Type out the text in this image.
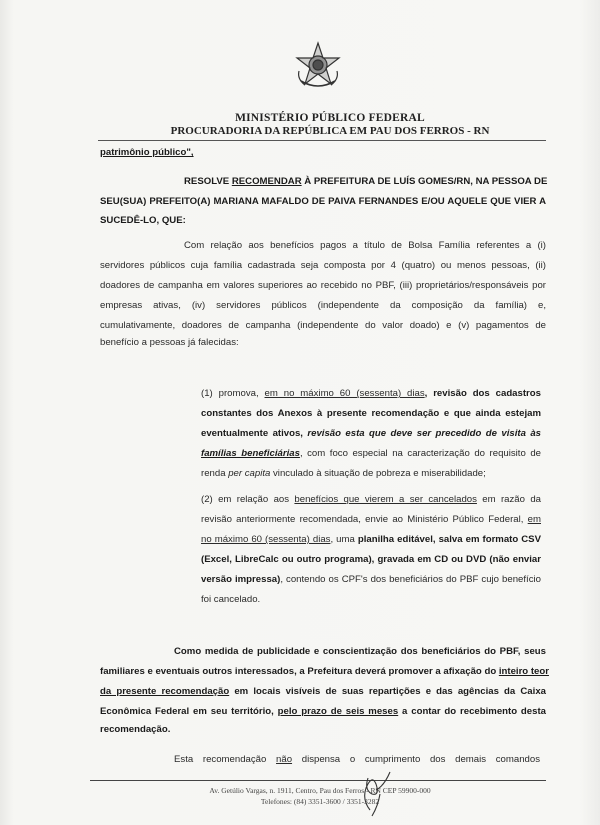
MINISTÉRIO PÚBLICO FEDERAL
PROCURADORIA DA REPÚBLICA EM PAU DOS FERROS - RN
patrimônio público",
RESOLVE RECOMENDAR À PREFEITURA DE LUÍS GOMES/RN, NA PESSOA DE
SEU(SUA) PREFEITO(A) MARIANA MAFALDO DE PAIVA FERNANDES E/OU AQUELE QUE VIER A
SUCEDÊ-LO, QUE:
Com relação aos benefícios pagos a título de Bolsa Família referentes a (i)
servidores públicos cuja família cadastrada seja composta por 4 (quatro) ou menos pessoas, (ii)
doadores de campanha em valores superiores ao recebido no PBF, (iii) proprietários/responsáveis por
empresas ativas, (iv) servidores públicos (independente da composição da família) e,
cumulativamente, doadores de campanha (independente do valor doado) e (v) pagamentos de
benefício a pessoas já falecidas:
(1) promova, em no máximo 60 (sessenta) dias, revisão dos cadastros
constantes dos Anexos à presente recomendação e que ainda estejam
eventualmente ativos, revisão esta que deve ser precedido de visita às
famílias beneficiárias, com foco especial na caracterização do requisito de
renda per capita vinculado à situação de pobreza e miserabilidade;
(2) em relação aos benefícios que vierem a ser cancelados em razão da
revisão anteriormente recomendada, envie ao Ministério Público Federal, em
no máximo 60 (sessenta) dias, uma planilha editável, salva em formato CSV
(Excel, LibreCalc ou outro programa), gravada em CD ou DVD (não enviar
versão impressa), contendo os CPF's dos beneficiários do PBF cujo benefício
foi cancelado.
Como medida de publicidade e conscientização dos beneficiários do PBF, seus
familiares e eventuais outros interessados, a Prefeitura deverá promover a afixação do inteiro teor
da presente recomendação em locais visíveis de suas repartições e das agências da Caixa
Econômica Federal em seu território, pelo prazo de seis meses a contar do recebimento desta
recomendação.
Esta recomendação não dispensa o cumprimento dos demais comandos
Av. Getúlio Vargas, n. 1911, Centro, Pau dos Ferros - RN CEP 59900-000
Telefones: (84) 3351-3600 / 3351-3282
